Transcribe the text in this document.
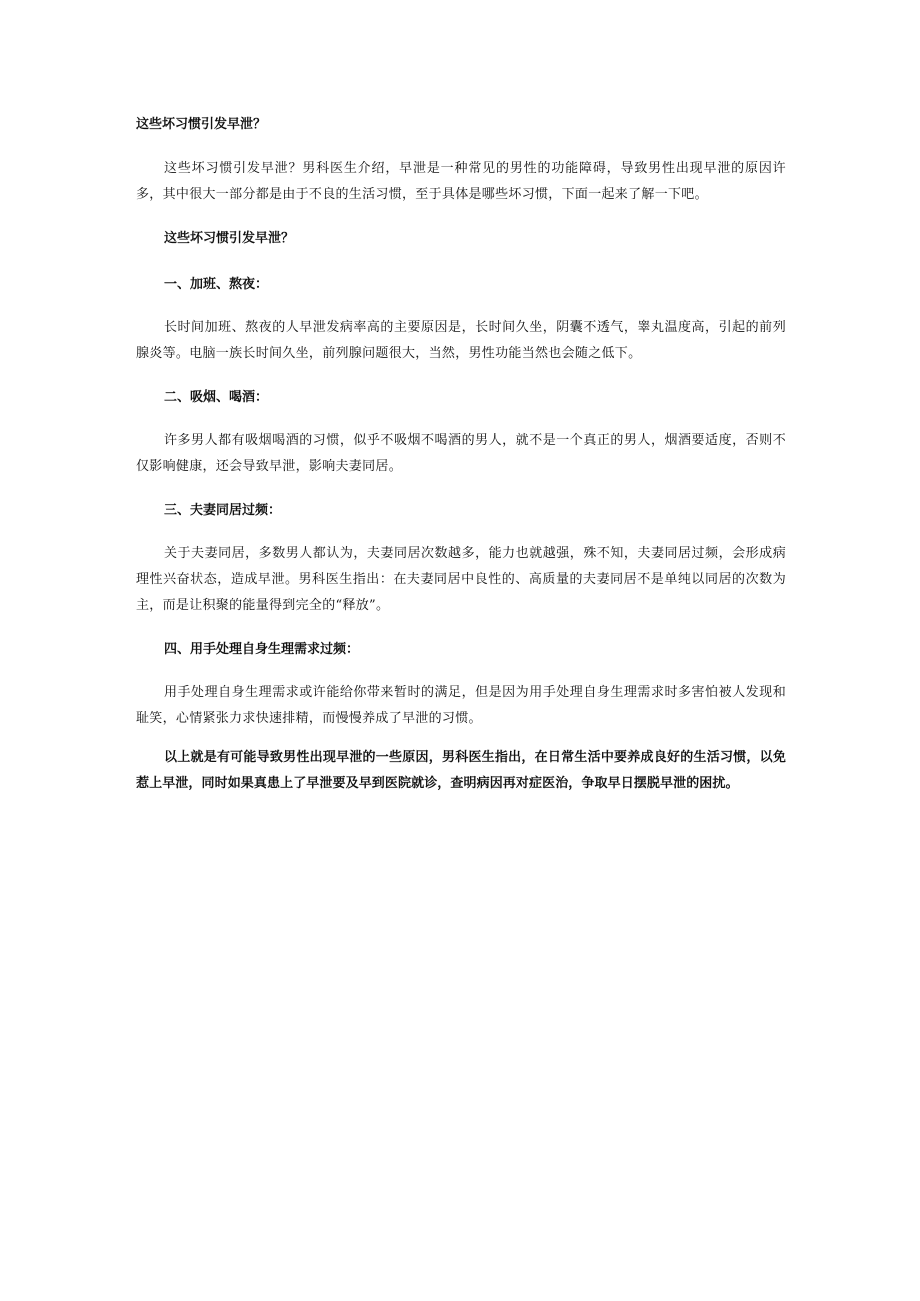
这些坏习惯引发早泄？
这些坏习惯引发早泄？男科医生介绍，早泄是一种常见的男性的功能障碍，导致男性出现早泄的原因许多，其中很大一部分都是由于不良的生活习惯，至于具体是哪些坏习惯，下面一起来了解一下吧。
这些坏习惯引发早泄？
一、加班、熬夜：
长时间加班、熬夜的人早泄发病率高的主要原因是，长时间久坐，阴囊不透气，睾丸温度高，引起的前列腺炎等。电脑一族长时间久坐，前列腺问题很大，当然，男性功能当然也会随之低下。
二、吸烟、喝酒：
许多男人都有吸烟喝酒的习惯，似乎不吸烟不喝酒的男人，就不是一个真正的男人，烟酒要适度，否则不仅影响健康，还会导致早泄，影响夫妻同居。
三、夫妻同居过频：
关于夫妻同居，多数男人都认为，夫妻同居次数越多，能力也就越强，殊不知，夫妻同居过频，会形成病理性兴奋状态，造成早泄。男科医生指出：在夫妻同居中良性的、高质量的夫妻同居不是单纯以同居的次数为主，而是让积聚的能量得到完全的“释放”。
四、用手处理自身生理需求过频：
用手处理自身生理需求或许能给你带来暂时的满足，但是因为用手处理自身生理需求时多害怕被人发现和耻笑，心情紧张力求快速排精，而慢慢养成了早泄的习惯。
以上就是有可能导致男性出现早泄的一些原因，男科医生指出，在日常生活中要养成良好的生活习惯，以免惹上早泄，同时如果真患上了早泄要及早到医院就诊，查明病因再对症医治，争取早日摆脱早泄的困扰。
